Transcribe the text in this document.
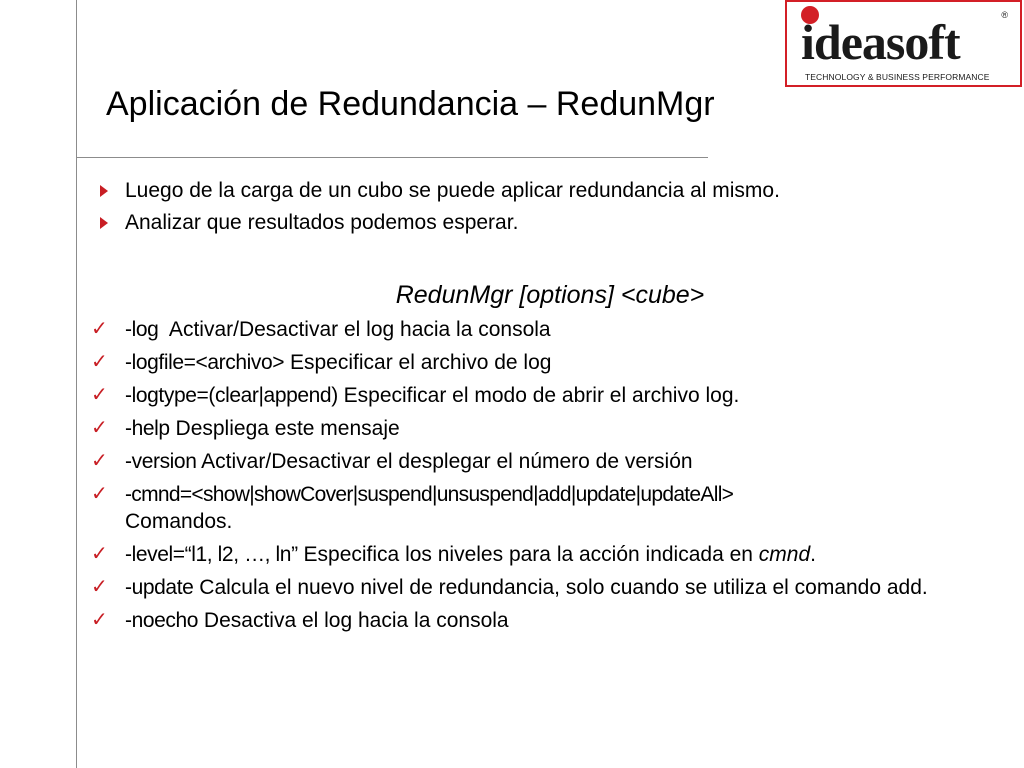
ideasoft	®
TECHNOLOGY & BUSINESS PERFORMANCE
Aplicación de Redundancia – RedunMgr
Luego de la carga de un cubo se puede aplicar redundancia al mismo.
Analizar que resultados podemos esperar.
RedunMgr [options] <cube>
✓ -log  Activar/Desactivar el log hacia la consola
✓ -logfile=<archivo> Especificar el archivo de log
✓ -logtype=(clear|append) Especificar el modo de abrir el archivo log.
✓ -help Despliega este mensaje
✓ -version Activar/Desactivar el desplegar el número de versión
✓ -cmnd=<show|showCover|suspend|unsuspend|add|update|updateAll>
Comandos.
✓ -level=“l1, l2, …, ln” Especifica los niveles para la acción indicada en cmnd.
✓ -update Calcula el nuevo nivel de redundancia, solo cuando se utiliza el comando add.
✓ -noecho Desactiva el log hacia la consola
